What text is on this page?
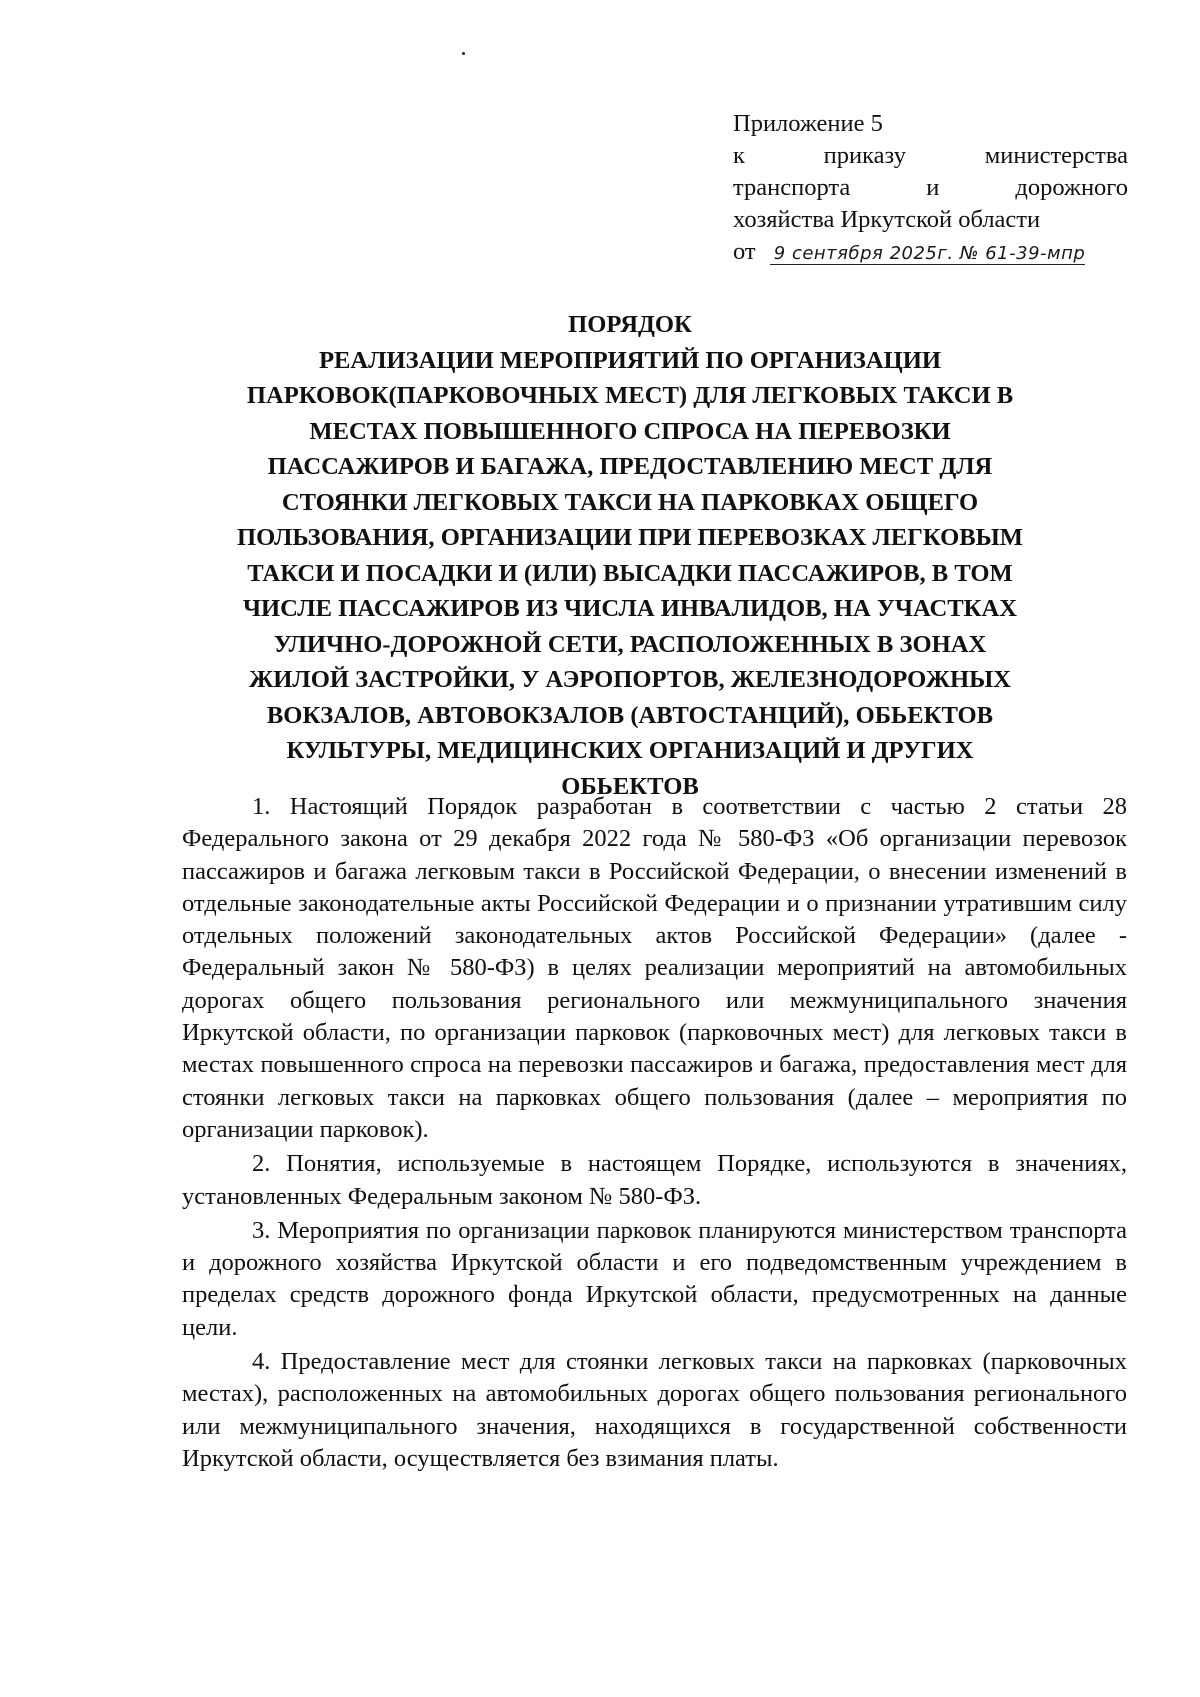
Приложение 5
к приказу министерства
транспорта и дорожного
хозяйства Иркутской области
от 9 сентября 2025г. № 61-39-мпр
ПОРЯДОК
РЕАЛИЗАЦИИ МЕРОПРИЯТИЙ ПО ОРГАНИЗАЦИИ
ПАРКОВОК(ПАРКОВОЧНЫХ МЕСТ) ДЛЯ ЛЕГКОВЫХ ТАКСИ В
МЕСТАХ ПОВЫШЕННОГО СПРОСА НА ПЕРЕВОЗКИ
ПАССАЖИРОВ И БАГАЖА, ПРЕДОСТАВЛЕНИЮ МЕСТ ДЛЯ
СТОЯНКИ ЛЕГКОВЫХ ТАКСИ НА ПАРКОВКАХ ОБЩЕГО
ПОЛЬЗОВАНИЯ, ОРГАНИЗАЦИИ ПРИ ПЕРЕВОЗКАХ ЛЕГКОВЫМ
ТАКСИ И ПОСАДКИ И (ИЛИ) ВЫСАДКИ ПАССАЖИРОВ, В ТОМ
ЧИСЛЕ ПАССАЖИРОВ ИЗ ЧИСЛА ИНВАЛИДОВ, НА УЧАСТКАХ
УЛИЧНО-ДОРОЖНОЙ СЕТИ, РАСПОЛОЖЕННЫХ В ЗОНАХ
ЖИЛОЙ ЗАСТРОЙКИ, У АЭРОПОРТОВ, ЖЕЛЕЗНОДОРОЖНЫХ
ВОКЗАЛОВ, АВТОВОКЗАЛОВ (АВТОСТАНЦИЙ), ОБЬЕКТОВ
КУЛЬТУРЫ, МЕДИЦИНСКИХ ОРГАНИЗАЦИЙ И ДРУГИХ
ОБЬЕКТОВ

1. Настоящий Порядок разработан в соответствии с частью 2 статьи 28 Федерального закона от 29 декабря 2022 года № 580-ФЗ «Об организации перевозок пассажиров и багажа легковым такси в Российской Федерации, о внесении изменений в отдельные законодательные акты Российской Федерации и о признании утратившим силу отдельных положений законодательных актов Российской Федерации» (далее - Федеральный закон № 580-ФЗ) в целях реализации мероприятий на автомобильных дорогах общего пользования регионального или межмуниципального значения Иркутской области, по организации парковок (парковочных мест) для легковых такси в местах повышенного спроса на перевозки пассажиров и багажа, предоставления мест для стоянки легковых такси на парковках общего пользования (далее – мероприятия по организации парковок).

2. Понятия, используемые в настоящем Порядке, используются в значениях, установленных Федеральным законом № 580-ФЗ.

3. Мероприятия по организации парковок планируются министерством транспорта и дорожного хозяйства Иркутской области и его подведомственным учреждением в пределах средств дорожного фонда Иркутской области, предусмотренных на данные цели.

4. Предоставление мест для стоянки легковых такси на парковках (парковочных местах), расположенных на автомобильных дорогах общего пользования регионального или межмуниципального значения, находящихся в государственной собственности Иркутской области, осуществляется без взимания платы.
